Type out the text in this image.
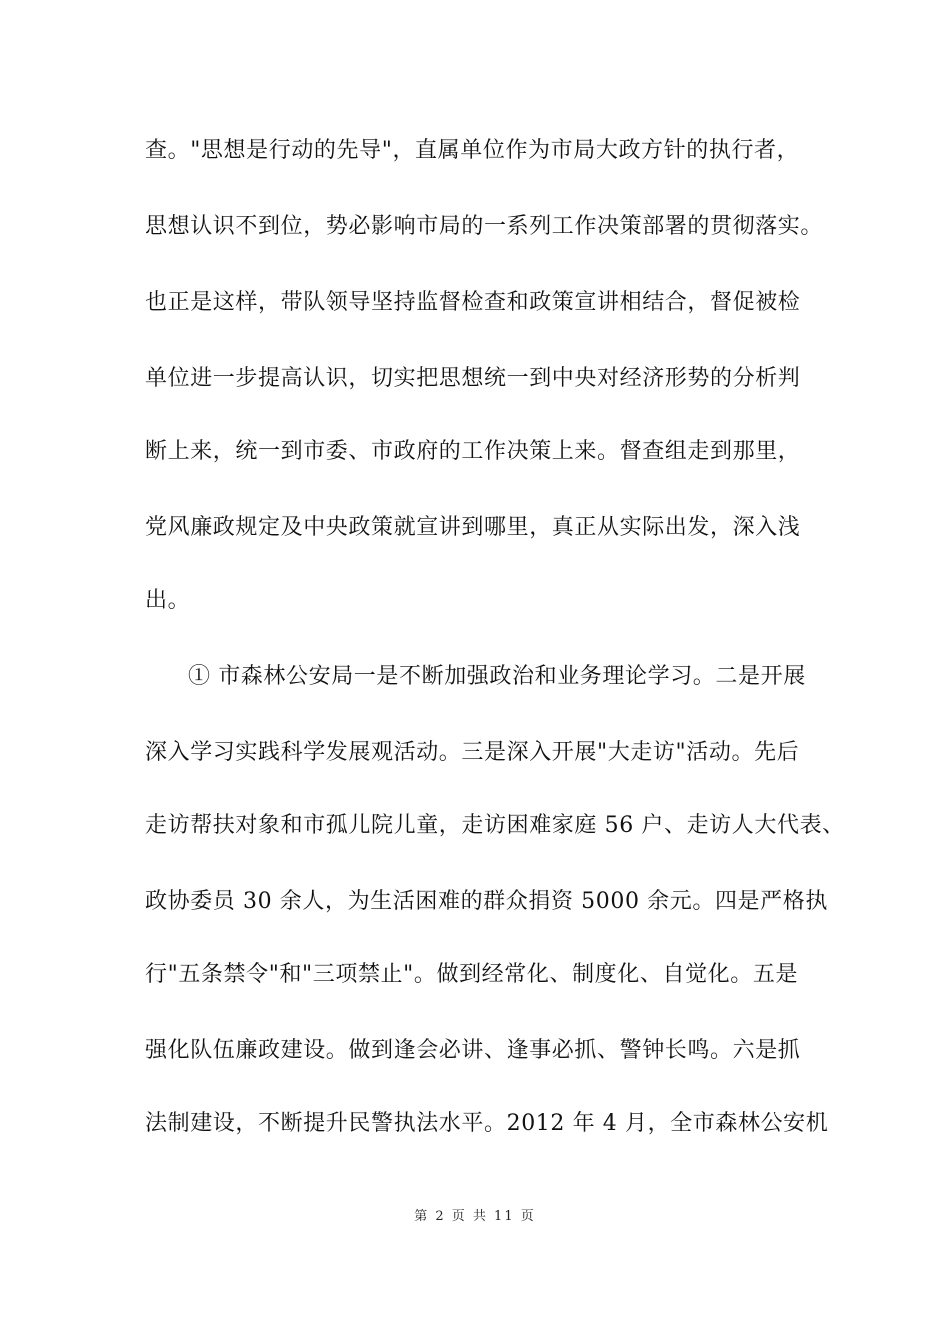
查。"思想是行动的先导"，直属单位作为市局大政方针的执行者，
思想认识不到位，势必影响市局的一系列工作决策部署的贯彻落实。
也正是这样，带队领导坚持监督检查和政策宣讲相结合，督促被检
单位进一步提高认识，切实把思想统一到中央对经济形势的分析判
断上来，统一到市委、市政府的工作决策上来。督查组走到那里，
党风廉政规定及中央政策就宣讲到哪里，真正从实际出发，深入浅
出。
① 市森林公安局一是不断加强政治和业务理论学习。二是开展
深入学习实践科学发展观活动。三是深入开展"大走访"活动。先后
走访帮扶对象和市孤儿院儿童，走访困难家庭 56 户、走访人大代表、
政协委员 30 余人，为生活困难的群众捐资 5000 余元。四是严格执
行"五条禁令"和"三项禁止"。做到经常化、制度化、自觉化。五是
强化队伍廉政建设。做到逢会必讲、逢事必抓、警钟长鸣。六是抓
法制建设，不断提升民警执法水平。2012 年 4 月，全市森林公安机
第 2 页 共 11 页
